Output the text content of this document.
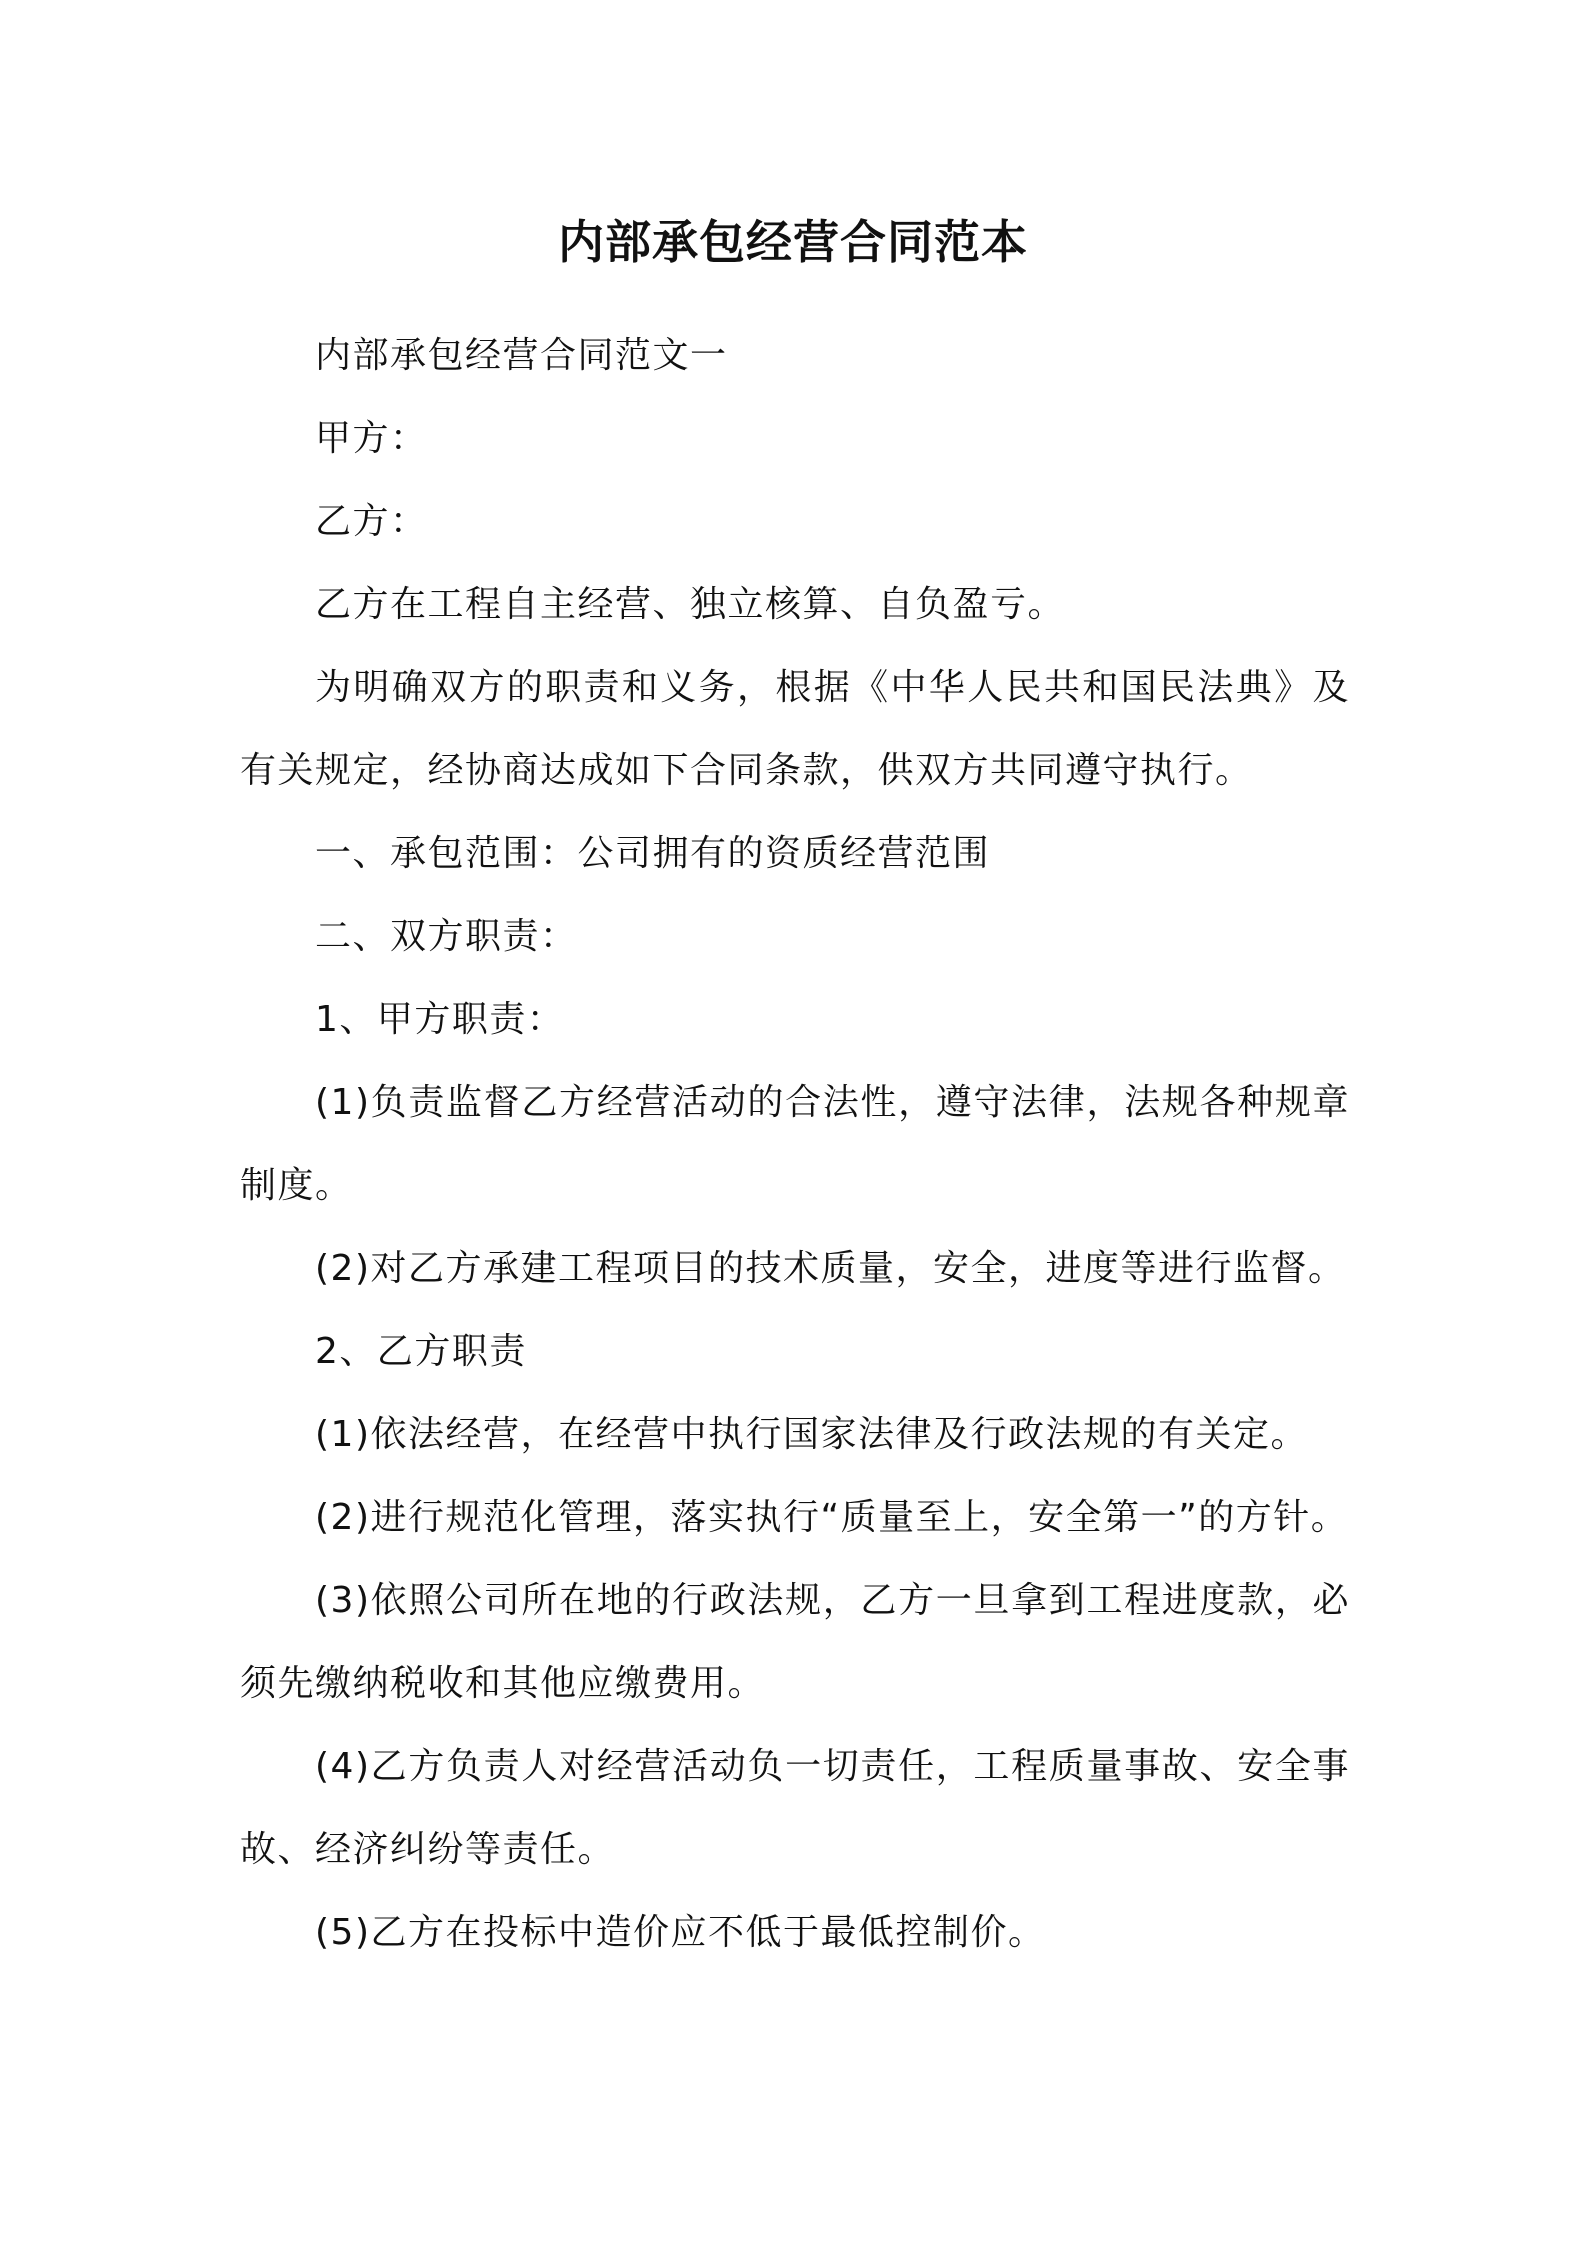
内部承包经营合同范本

内部承包经营合同范文一

甲方：

乙方：

乙方在工程自主经营、独立核算、自负盈亏。

为明确双方的职责和义务，根据《中华人民共和国民法典》及有关规定，经协商达成如下合同条款，供双方共同遵守执行。

一、承包范围：公司拥有的资质经营范围

二、双方职责：

1、甲方职责：

(1)负责监督乙方经营活动的合法性，遵守法律，法规各种规章制度。

(2)对乙方承建工程项目的技术质量，安全，进度等进行监督。

2、乙方职责

(1)依法经营，在经营中执行国家法律及行政法规的有关定。

(2)进行规范化管理，落实执行“质量至上，安全第一”的方针。

(3)依照公司所在地的行政法规，乙方一旦拿到工程进度款，必须先缴纳税收和其他应缴费用。

(4)乙方负责人对经营活动负一切责任，工程质量事故、安全事故、经济纠纷等责任。

(5)乙方在投标中造价应不低于最低控制价。
